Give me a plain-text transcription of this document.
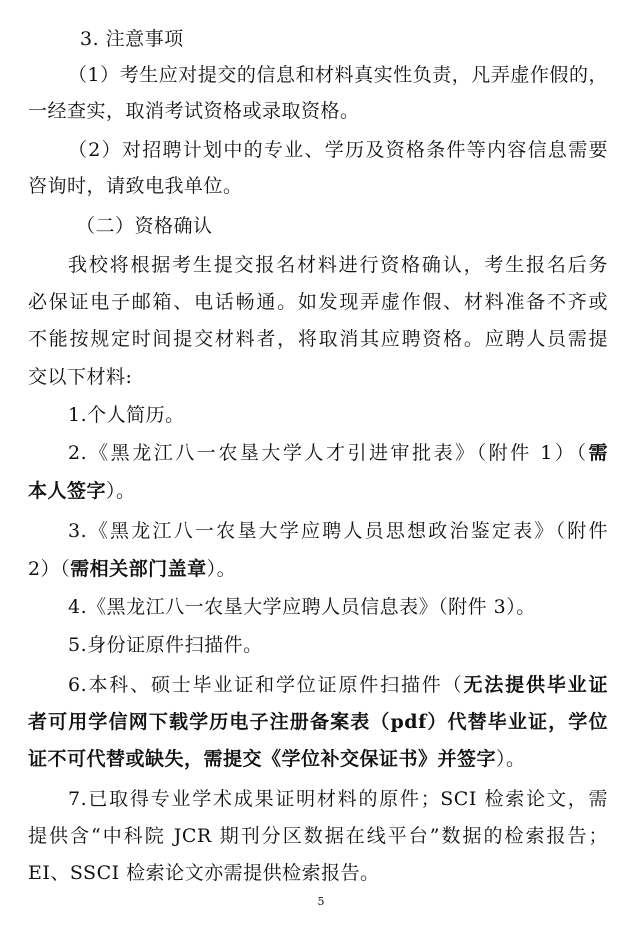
3. 注意事项
（1）考生应对提交的信息和材料真实性负责，凡弄虚作假的，
一经查实，取消考试资格或录取资格。
（2）对招聘计划中的专业、学历及资格条件等内容信息需要
咨询时，请致电我单位。
（二）资格确认
我校将根据考生提交报名材料进行资格确认，考生报名后务
必保证电子邮箱、电话畅通。如发现弄虚作假、材料准备不齐或
不能按规定时间提交材料者，将取消其应聘资格。应聘人员需提
交以下材料:
1.个人简历。
2.《黑龙江八一农垦大学人才引进审批表》（附件 1）（需
本人签字）。
3.《黑龙江八一农垦大学应聘人员思想政治鉴定表》（附件
2）（需相关部门盖章）。
4.《黑龙江八一农垦大学应聘人员信息表》（附件 3）。
5.身份证原件扫描件。
6.本科、硕士毕业证和学位证原件扫描件（无法提供毕业证
者可用学信网下载学历电子注册备案表（pdf）代替毕业证，学位
证不可代替或缺失，需提交《学位补交保证书》并签字）。
7.已取得专业学术成果证明材料的原件；SCI 检索论文，需
提供含“中科院 JCR 期刊分区数据在线平台”数据的检索报告；
EI、SSCI 检索论文亦需提供检索报告。
5
